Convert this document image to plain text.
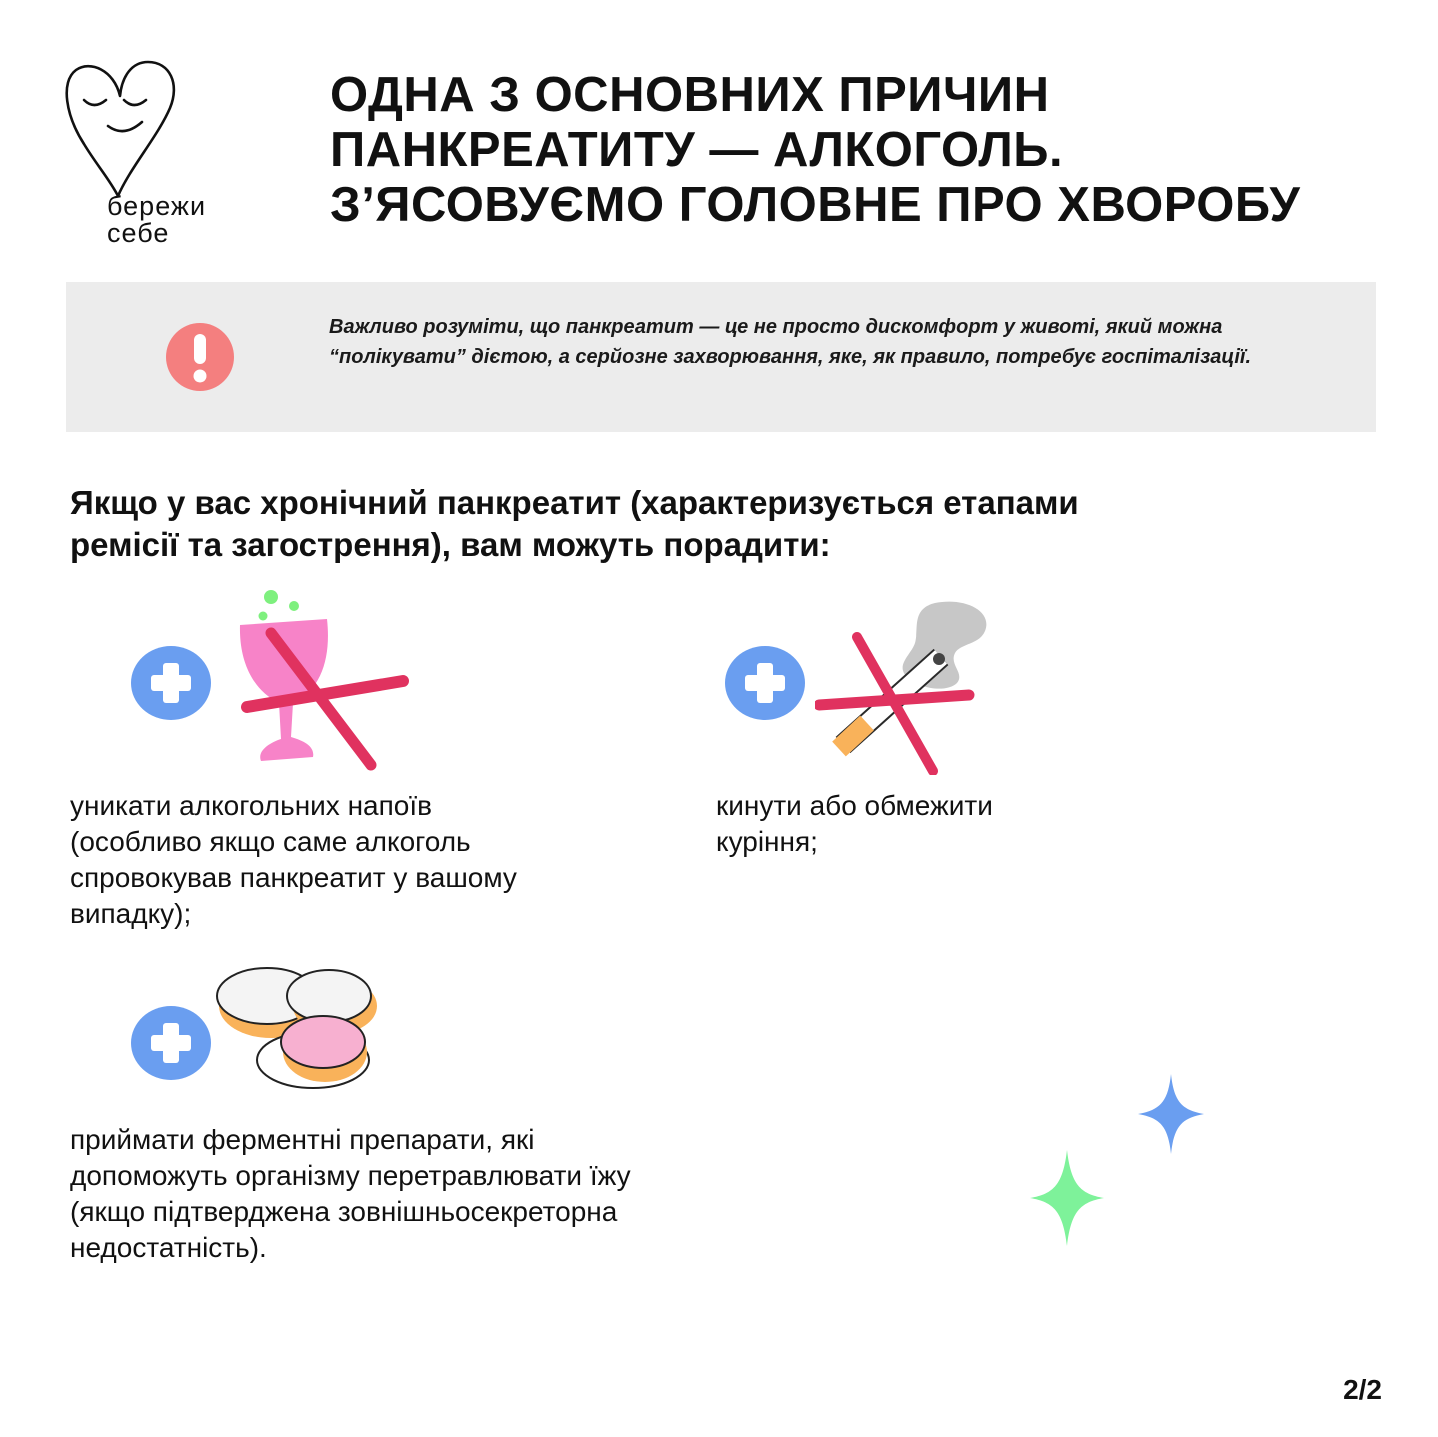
бережи
себе

ОДНА З ОСНОВНИХ ПРИЧИН
ПАНКРЕАТИТУ — АЛКОГОЛЬ.
З’ЯСОВУЄМО ГОЛОВНЕ ПРО ХВОРОБУ

Важливо розуміти, що панкреатит — це не просто дискомфорт у животі, який можна “полікувати” дієтою, а серйозне захворювання, яке, як правило, потребує госпіталізації.

Якщо у вас хронічний панкреатит (характеризується етапами
ремісії та загострення), вам можуть порадити:

уникати алкогольних напоїв
(особливо якщо саме алкоголь
спровокував панкреатит у вашому
випадку);

кинути або обмежити
куріння;

приймати ферментні препарати, які
допоможуть організму перетравлювати їжу
(якщо підтверджена зовнішньосекреторна
недостатність).

2/2
